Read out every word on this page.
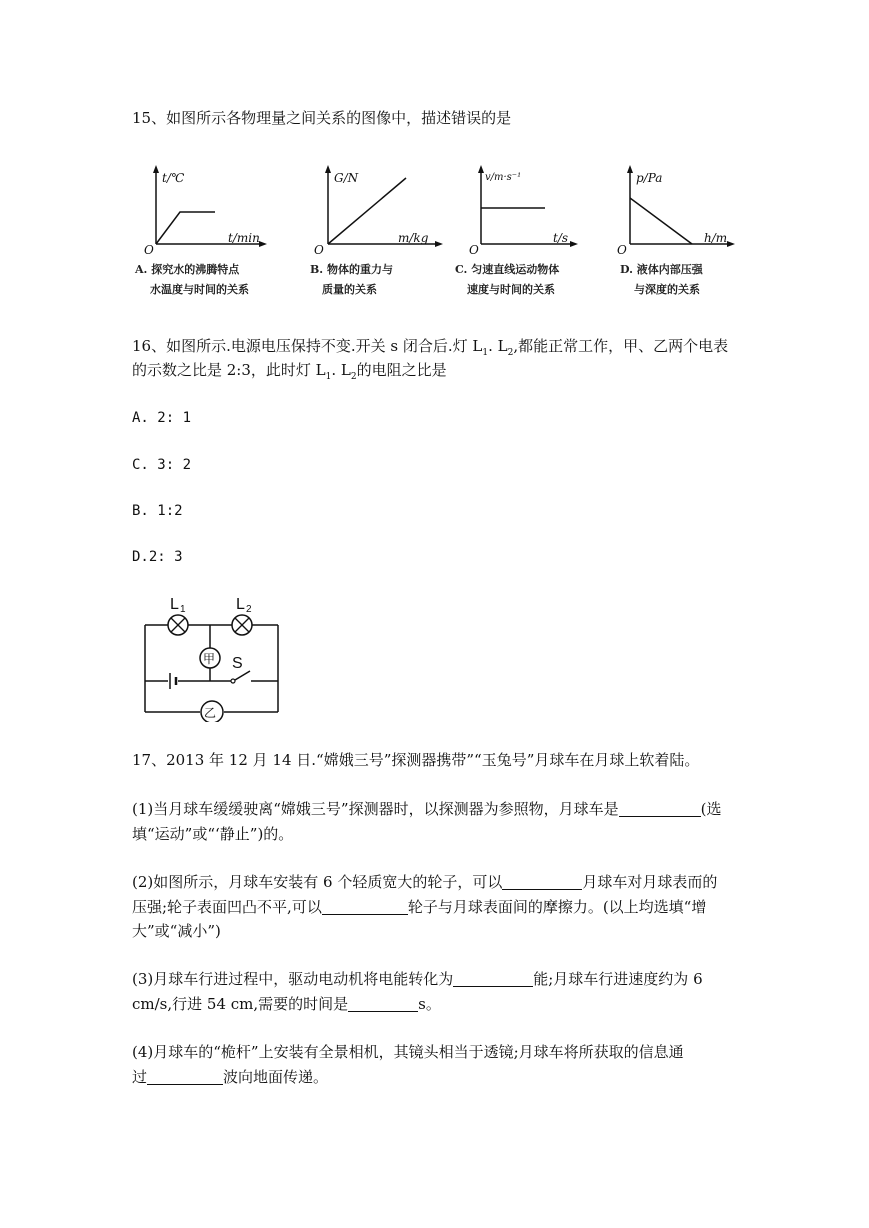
15、如图所示各物理量之间关系的图像中，描述错误的是
t/℃
t/min
O
A. 探究水的沸腾特点
水温度与时间的关系
G/N
m/kg
O
B. 物体的重力与
质量的关系
v/m·s⁻¹
t/s
O
C. 匀速直线运动物体
速度与时间的关系
p/Pa
h/m
O
D. 液体内部压强
与深度的关系
16、如图所示.电源电压保持不变.开关 s 闭合后.灯 $L_1$. $L_2$,都能正常工作，甲、乙两个电表
的示数之比是 2:3，此时灯 $L_1$. $L_2$的电阻之比是
A. 2: 1
C. 3: 2
B. 1:2
D.2: 3
甲
乙
L 1	L 2
S
17、2013 年 12 月 14 日.“嫦娥三号”探测器携带”“玉兔号”月球车在月球上软着陆。
(1)当月球车缓缓驶离“嫦娥三号”探测器时，以探测器为参照物，月球车是	(选
填“运动”或“‘静止”)的。
(2)如图所示，月球车安装有 6 个轻质宽大的轮子，可以	月球车对月球表而的
压强;轮子表面凹凸不平,可以	轮子与月球表面间的摩擦力。(以上均选填“增
大”或“减小”)
(3)月球车行进过程中，驱动电动机将电能转化为	能;月球车行进速度约为 6
cm/s,行进 54 cm,需要的时间是	s。
(4)月球车的“桅杆”上安装有全景相机，其镜头相当于透镜;月球车将所获取的信息通
过	波向地面传递。
